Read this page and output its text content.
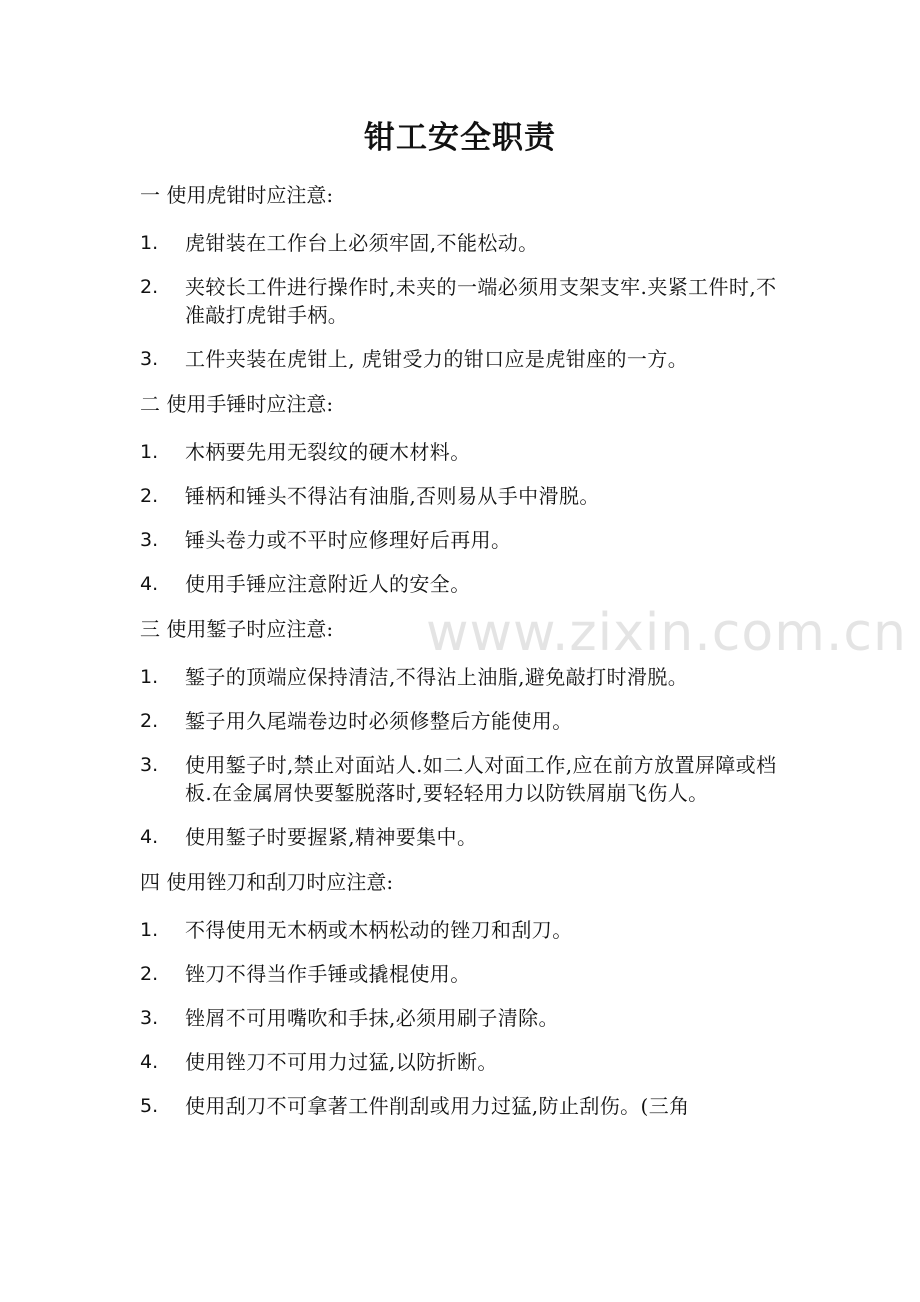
钳工安全职责
一 使用虎钳时应注意:
1.	虎钳装在工作台上必须牢固,不能松动。
2.	夹较长工件进行操作时,未夹的一端必须用支架支牢.夹紧工件时,不准敲打虎钳手柄。
3.	工件夹装在虎钳上, 虎钳受力的钳口应是虎钳座的一方。
二 使用手锤时应注意:
1.	木柄要先用无裂纹的硬木材料。
2.	锤柄和锤头不得沾有油脂,否则易从手中滑脱。
3.	锤头卷力或不平时应修理好后再用。
4.	使用手锤应注意附近人的安全。
三 使用錾子时应注意:
1.	錾子的顶端应保持清洁,不得沾上油脂,避免敲打时滑脱。
2.	錾子用久尾端卷边时必须修整后方能使用。
3.	使用錾子时,禁止对面站人.如二人对面工作,应在前方放置屏障或档板.在金属屑快要錾脱落时,要轻轻用力以防铁屑崩飞伤人。
4.	使用錾子时要握紧,精神要集中。
四 使用锉刀和刮刀时应注意:
1.	不得使用无木柄或木柄松动的锉刀和刮刀。
2.	锉刀不得当作手锤或撬棍使用。
3.	锉屑不可用嘴吹和手抹,必须用刷子清除。
4.	使用锉刀不可用力过猛,以防折断。
5.	使用刮刀不可拿著工件削刮或用力过猛,防止刮伤。(三角
www.zixin.com.cn
